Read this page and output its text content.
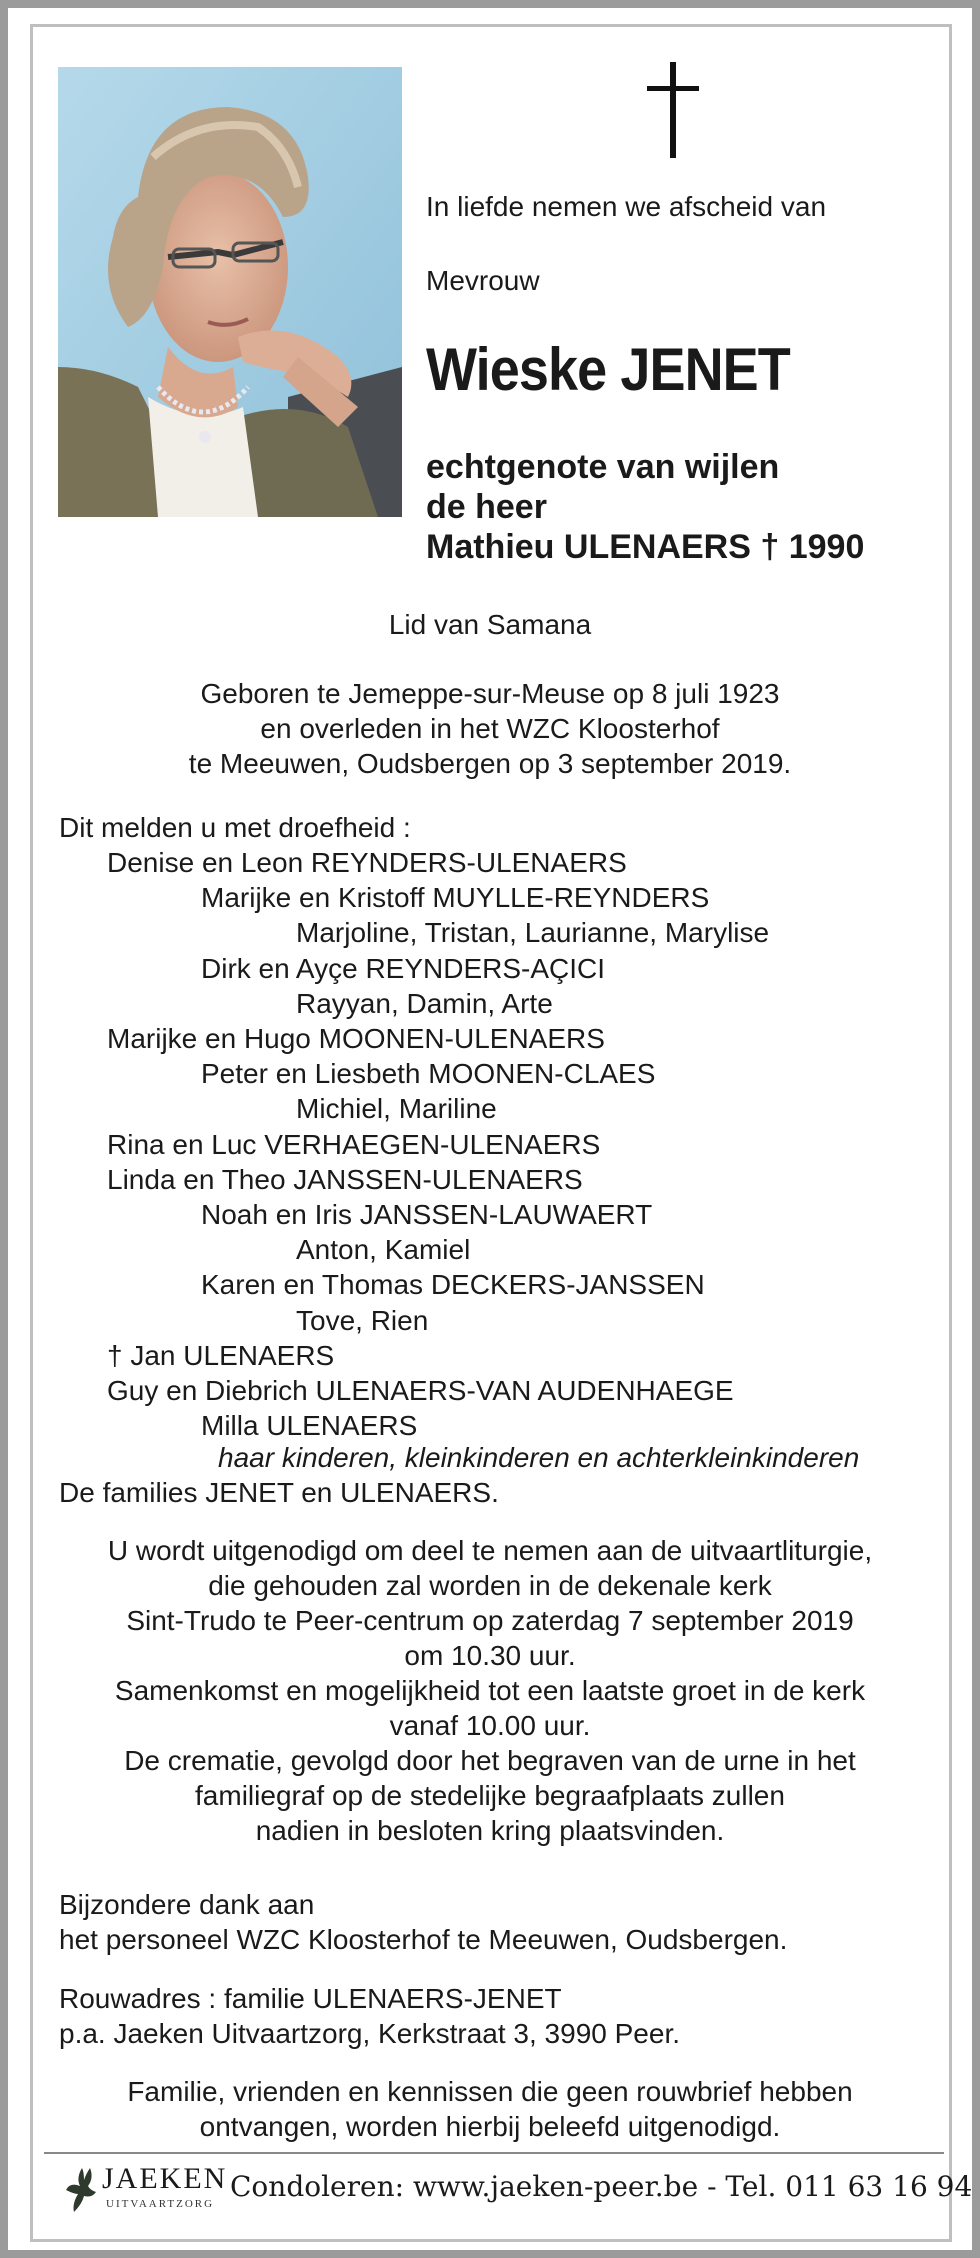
In liefde nemen we afscheid van
Mevrouw
Wieske JENET
echtgenote van wijlen
de heer
Mathieu ULENAERS † 1990
Lid van Samana
Geboren te Jemeppe-sur-Meuse op 8 juli 1923
en overleden in het WZC Kloosterhof
te Meeuwen, Oudsbergen op 3 september 2019.
Dit melden u met droefheid :
Denise en Leon REYNDERS-ULENAERS
Marijke en Kristoff MUYLLE-REYNDERS
Marjoline, Tristan, Laurianne, Marylise
Dirk en Ayçe REYNDERS-AÇICI
Rayyan, Damin, Arte
Marijke en Hugo MOONEN-ULENAERS
Peter en Liesbeth MOONEN-CLAES
Michiel, Mariline
Rina en Luc VERHAEGEN-ULENAERS
Linda en Theo JANSSEN-ULENAERS
Noah en Iris JANSSEN-LAUWAERT
Anton, Kamiel
Karen en Thomas DECKERS-JANSSEN
Tove, Rien
† Jan ULENAERS
Guy en Diebrich ULENAERS-VAN AUDENHAEGE
Milla ULENAERS
haar kinderen, kleinkinderen en achterkleinkinderen
De families JENET en ULENAERS.
U wordt uitgenodigd om deel te nemen aan de uitvaartliturgie,
die gehouden zal worden in de dekenale kerk
Sint-Trudo te Peer-centrum op zaterdag 7 september 2019
om 10.30 uur.
Samenkomst en mogelijkheid tot een laatste groet in de kerk
vanaf 10.00 uur.
De crematie, gevolgd door het begraven van de urne in het
familiegraf op de stedelijke begraafplaats zullen
nadien in besloten kring plaatsvinden.
Bijzondere dank aan
het personeel WZC Kloosterhof te Meeuwen, Oudsbergen.
Rouwadres : familie ULENAERS-JENET
p.a. Jaeken Uitvaartzorg, Kerkstraat 3, 3990 Peer.
Familie, vrienden en kennissen die geen rouwbrief hebben
ontvangen, worden hierbij beleefd uitgenodigd.
JAEKEN
UITVAARTZORG
Condoleren: www.jaeken-peer.be - Tel. 011 63 16 94
